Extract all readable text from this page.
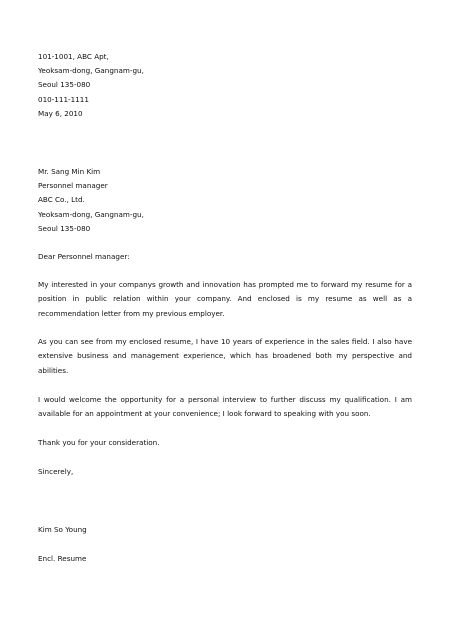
101-1001, ABC Apt,
Yeoksam-dong, Gangnam-gu,
Seoul 135-080
010-111-1111
May 6, 2010
Mr. Sang Min Kim
Personnel manager
ABC Co., Ltd.
Yeoksam-dong, Gangnam-gu,
Seoul 135-080
Dear Personnel manager:

My interested in your companys growth and innovation has prompted me to forward my resume for a position in public relation within your company. And enclosed is my resume as well as a recommendation letter from my previous employer.

As you can see from my enclosed resume, I have 10 years of experience in the sales field. I also have extensive business and management experience, which has broadened both my perspective and abilities.

I would welcome the opportunity for a personal interview to further discuss my qualification. I am available for an appointment at your convenience; I look forward to speaking with you soon.

Thank you for your consideration.
Sincerely,
Kim So Young
Encl. Resume
